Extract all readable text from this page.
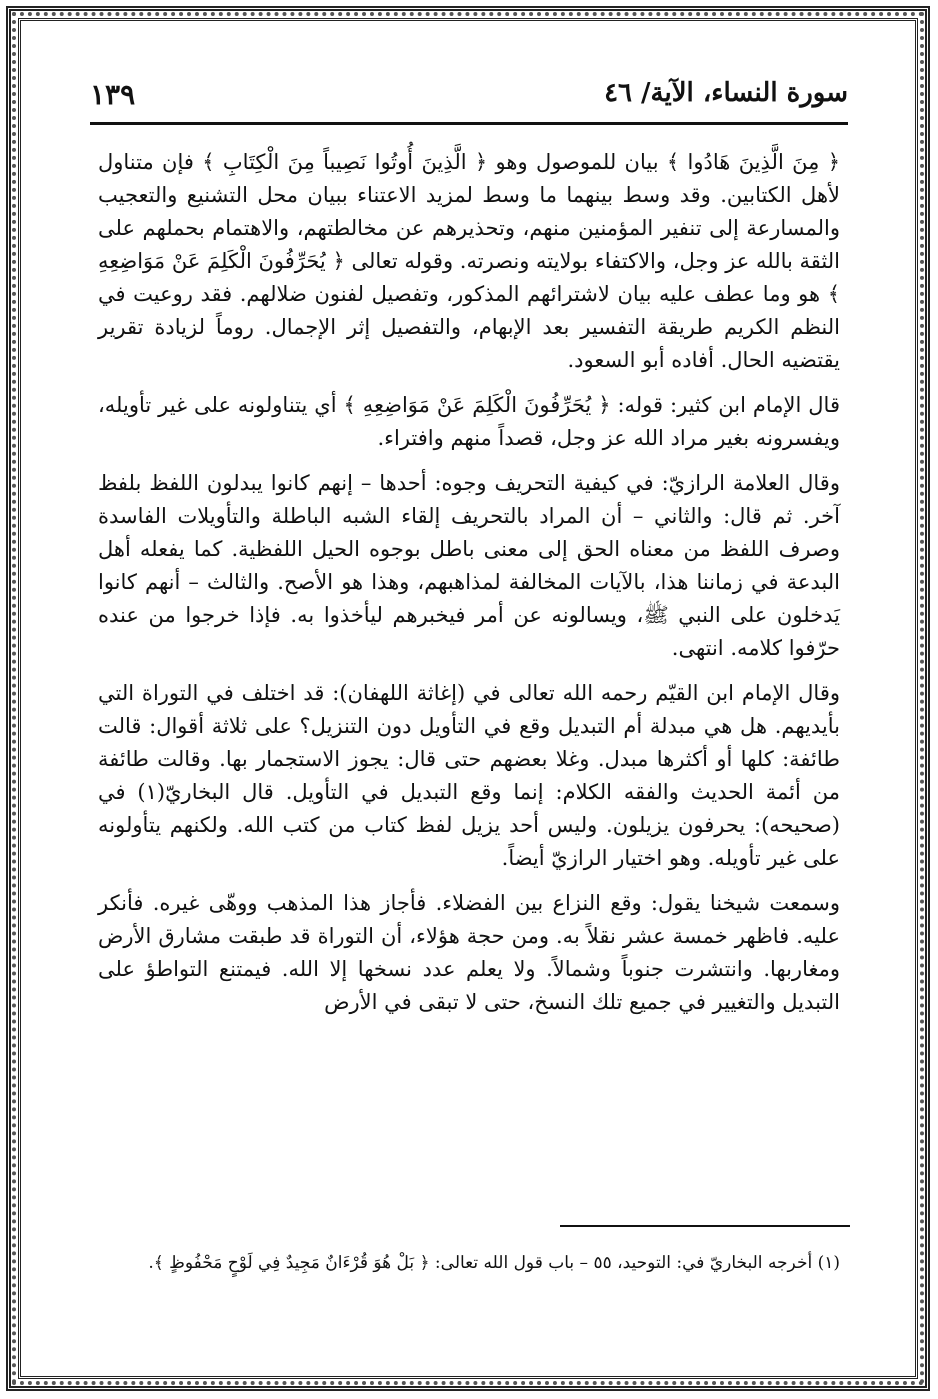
سورة النساء، الآية/ ٤٦
١٣٩

﴿ مِنَ الَّذِينَ هَادُوا ﴾ بيان للموصول وهو ﴿ الَّذِينَ أُوتُوا نَصِيباً مِنَ الْكِتَابِ ﴾ فإن متناول لأهل الكتابين. وقد وسط بينهما ما وسط لمزيد الاعتناء ببيان محل التشنيع والتعجيب والمسارعة إلى تنفير المؤمنين منهم، وتحذيرهم عن مخالطتهم، والاهتمام بحملهم على الثقة بالله عز وجل، والاكتفاء بولايته ونصرته. وقوله تعالى ﴿ يُحَرِّفُونَ الْكَلِمَ عَنْ مَوَاضِعِهِ ﴾ هو وما عطف عليه بيان لاشترائهم المذكور، وتفصيل لفنون ضلالهم. فقد روعيت في النظم الكريم طريقة التفسير بعد الإبهام، والتفصيل إثر الإجمال. روماً لزيادة تقرير يقتضيه الحال. أفاده أبو السعود.

قال الإمام ابن كثير: قوله: ﴿ يُحَرِّفُونَ الْكَلِمَ عَنْ مَوَاضِعِهِ ﴾ أي يتناولونه على غير تأويله، ويفسرونه بغير مراد الله عز وجل، قصداً منهم وافتراء.

وقال العلامة الرازيّ: في كيفية التحريف وجوه: أحدها – إنهم كانوا يبدلون اللفظ بلفظ آخر. ثم قال: والثاني – أن المراد بالتحريف إلقاء الشبه الباطلة والتأويلات الفاسدة وصرف اللفظ من معناه الحق إلى معنى باطل بوجوه الحيل اللفظية. كما يفعله أهل البدعة في زماننا هذا، بالآيات المخالفة لمذاهبهم، وهذا هو الأصح. والثالث – أنهم كانوا يَدخلون على النبي ﷺ، ويسالونه عن أمر فيخبرهم ليأخذوا به. فإذا خرجوا من عنده حرّفوا كلامه. انتهى.

وقال الإمام ابن القيّم رحمه الله تعالى في (إغاثة اللهفان): قد اختلف في التوراة التي بأيديهم. هل هي مبدلة أم التبديل وقع في التأويل دون التنزيل؟ على ثلاثة أقوال: قالت طائفة: كلها أو أكثرها مبدل. وغلا بعضهم حتى قال: يجوز الاستجمار بها. وقالت طائفة من أئمة الحديث والفقه الكلام: إنما وقع التبديل في التأويل. قال البخاريّ(١) في (صحيحه): يحرفون يزيلون. وليس أحد يزيل لفظ كتاب من كتب الله. ولكنهم يتأولونه على غير تأويله. وهو اختيار الرازيّ أيضاً.

وسمعت شيخنا يقول: وقع النزاع بين الفضلاء. فأجاز هذا المذهب ووهّى غيره. فأنكر عليه. فاظهر خمسة عشر نقلاً به. ومن حجة هؤلاء، أن التوراة قد طبقت مشارق الأرض ومغاربها. وانتشرت جنوباً وشمالاً. ولا يعلم عدد نسخها إلا الله. فيمتنع التواطؤ على التبديل والتغيير في جميع تلك النسخ، حتى لا تبقى في الأرض

(١) أخرجه البخاريّ في: التوحيد، ٥٥ – باب قول الله تعالى: ﴿ بَلْ هُوَ قُرْءَانٌ مَجِيدٌ فِي لَوْحٍ مَحْفُوظٍ ﴾.
